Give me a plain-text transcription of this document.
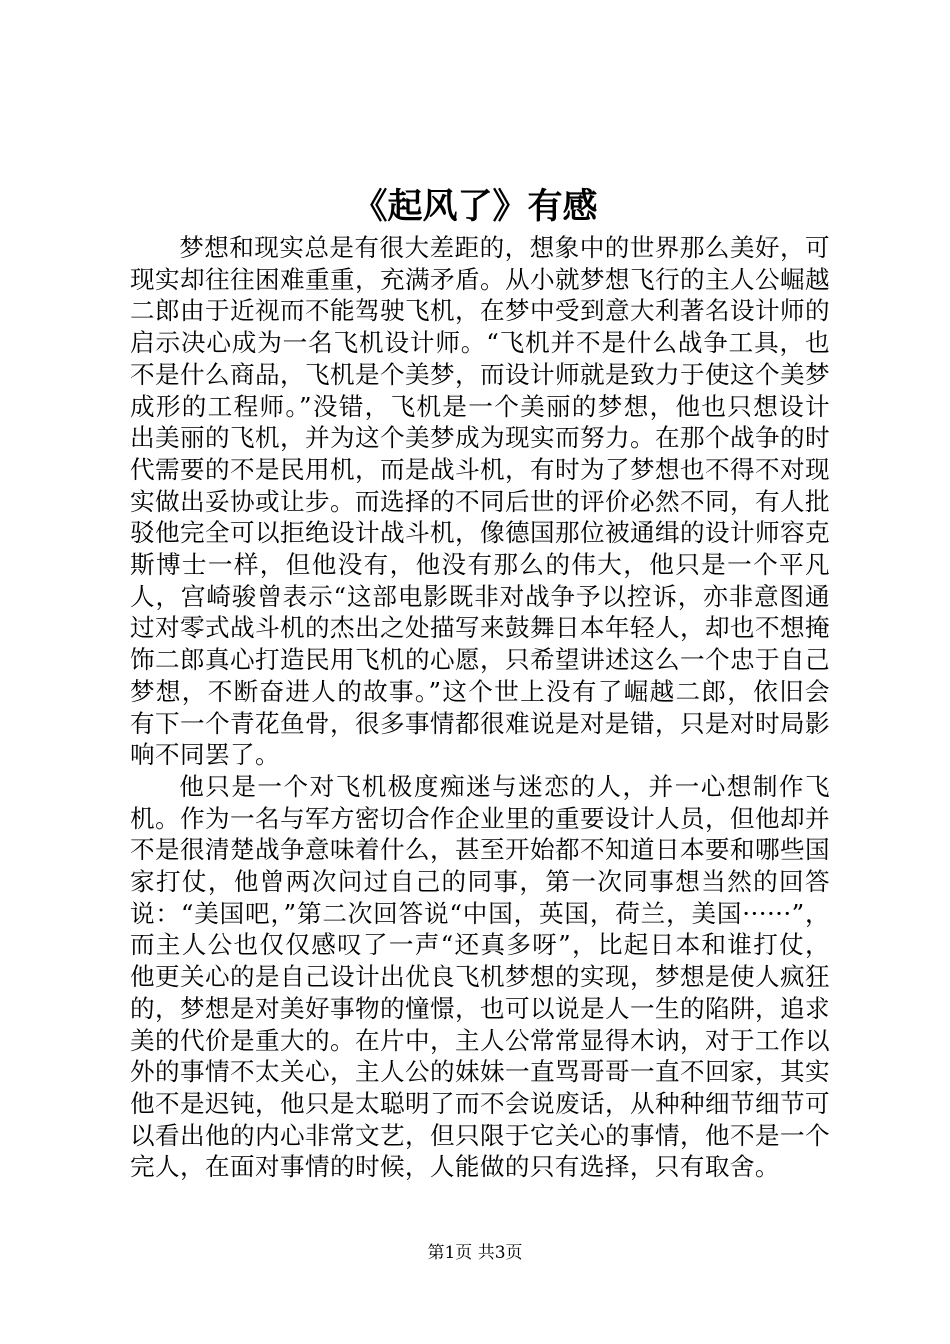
《起风了》有感

梦想和现实总是有很大差距的，想象中的世界那么美好，可现实却往往困难重重，充满矛盾。从小就梦想飞行的主人公崛越二郎由于近视而不能驾驶飞机，在梦中受到意大利著名设计师的启示决心成为一名飞机设计师。“飞机并不是什么战争工具，也不是什么商品，飞机是个美梦，而设计师就是致力于使这个美梦成形的工程师。”没错，飞机是一个美丽的梦想，他也只想设计出美丽的飞机，并为这个美梦成为现实而努力。在那个战争的时代需要的不是民用机，而是战斗机，有时为了梦想也不得不对现实做出妥协或让步。而选择的不同后世的评价必然不同，有人批驳他完全可以拒绝设计战斗机，像德国那位被通缉的设计师容克斯博士一样，但他没有，他没有那么的伟大，他只是一个平凡人，宫崎骏曾表示“这部电影既非对战争予以控诉，亦非意图通过对零式战斗机的杰出之处描写来鼓舞日本年轻人，却也不想掩饰二郎真心打造民用飞机的心愿，只希望讲述这么一个忠于自己梦想，不断奋进人的故事。”这个世上没有了崛越二郎，依旧会有下一个青花鱼骨，很多事情都很难说是对是错，只是对时局影响不同罢了。

他只是一个对飞机极度痴迷与迷恋的人，并一心想制作飞机。作为一名与军方密切合作企业里的重要设计人员，但他却并不是很清楚战争意味着什么，甚至开始都不知道日本要和哪些国家打仗，他曾两次问过自己的同事，第一次同事想当然的回答说：“美国吧，”第二次回答说“中国，英国，荷兰，美国······”，而主人公也仅仅感叹了一声“还真多呀”，比起日本和谁打仗，他更关心的是自己设计出优良飞机梦想的实现，梦想是使人疯狂的，梦想是对美好事物的憧憬，也可以说是人一生的陷阱，追求美的代价是重大的。在片中，主人公常常显得木讷，对于工作以外的事情不太关心，主人公的妹妹一直骂哥哥一直不回家，其实他不是迟钝，他只是太聪明了而不会说废话，从种种细节细节可以看出他的内心非常文艺，但只限于它关心的事情，他不是一个完人，在面对事情的时候，人能做的只有选择，只有取舍。

第1页 共3页
